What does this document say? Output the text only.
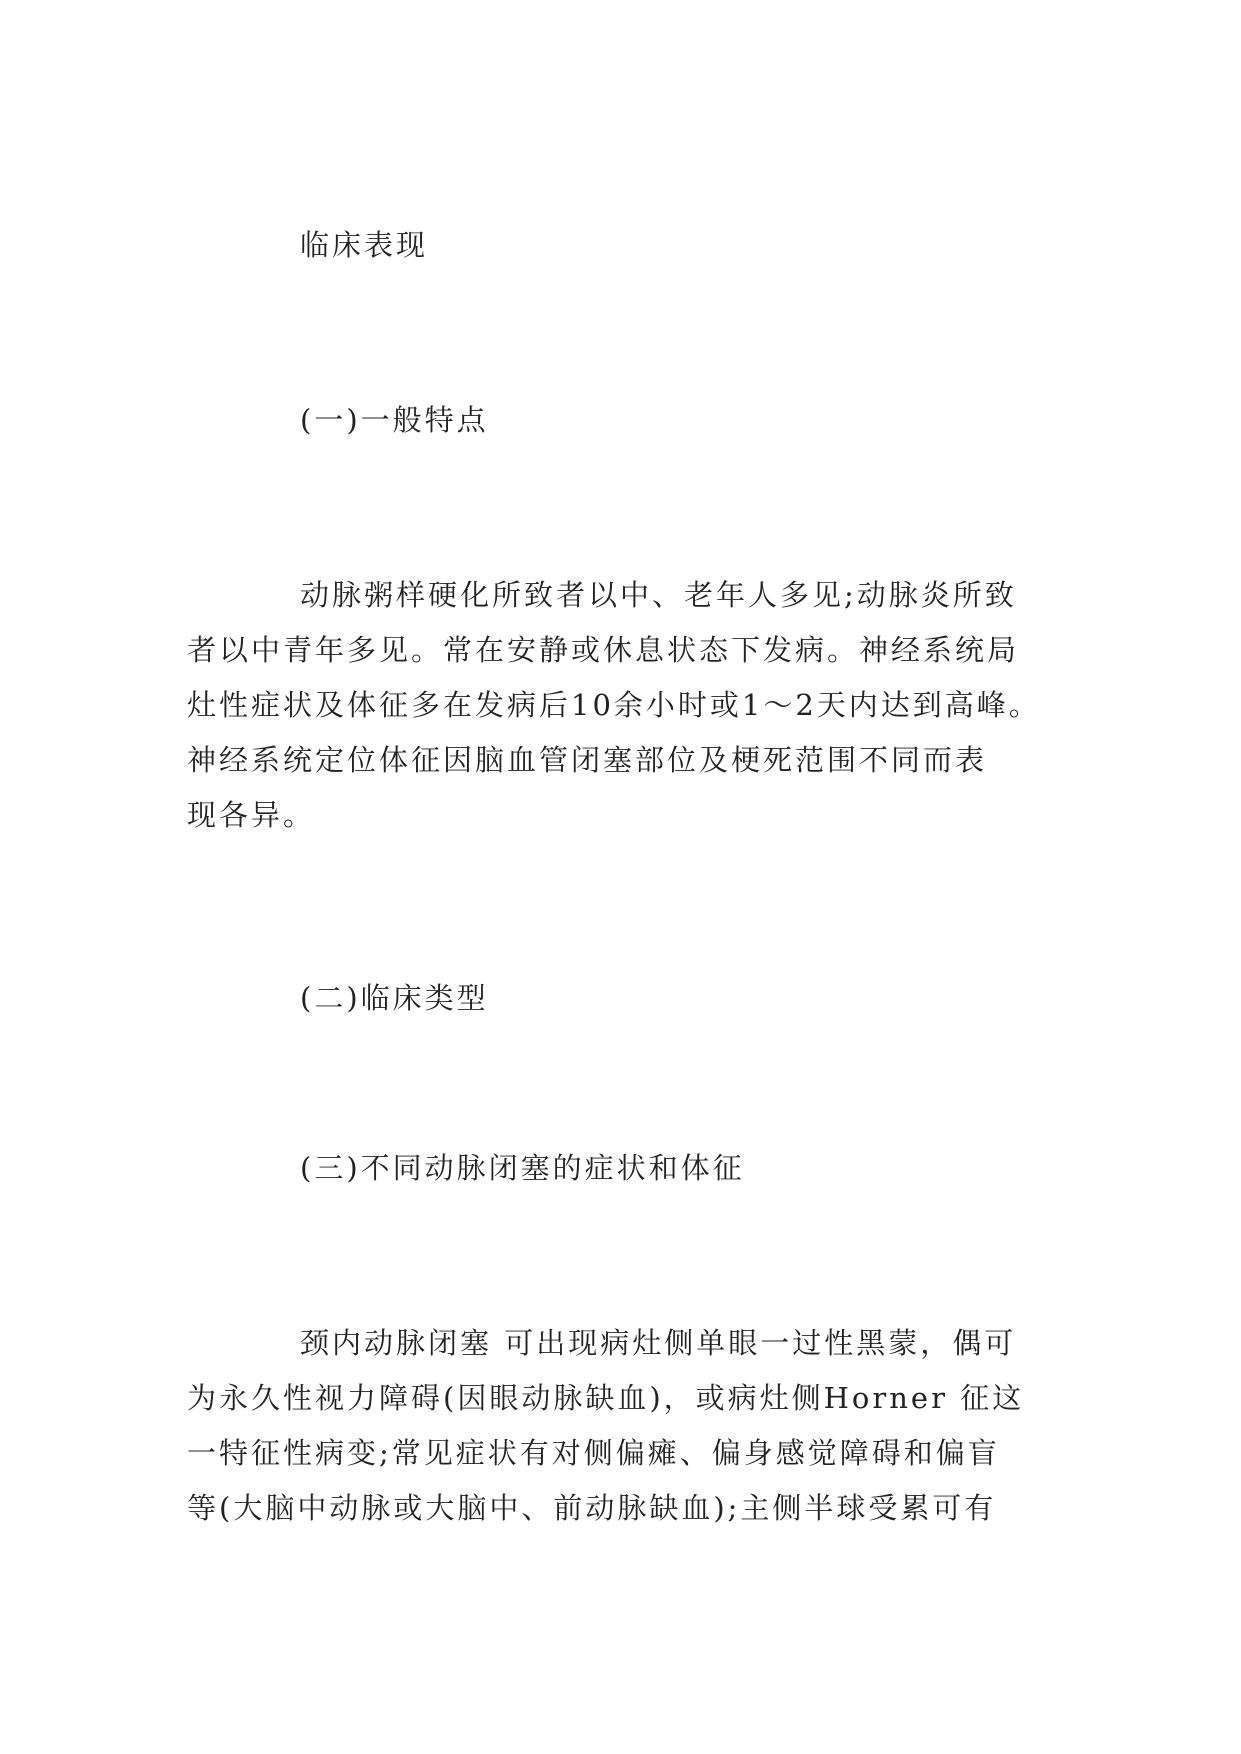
临床表现
(一)一般特点

动脉粥样硬化所致者以中、老年人多见;动脉炎所致
者以中青年多见。常在安静或休息状态下发病。神经系统局
灶性症状及体征多在发病后10余小时或1～2天内达到高峰。
神经系统定位体征因脑血管闭塞部位及梗死范围不同而表
现各异。

(二)临床类型
(三)不同动脉闭塞的症状和体征

颈内动脉闭塞 可出现病灶侧单眼一过性黑蒙，偶可
为永久性视力障碍(因眼动脉缺血)，或病灶侧Horner 征这
一特征性病变;常见症状有对侧偏瘫、偏身感觉障碍和偏盲
等(大脑中动脉或大脑中、前动脉缺血);主侧半球受累可有
